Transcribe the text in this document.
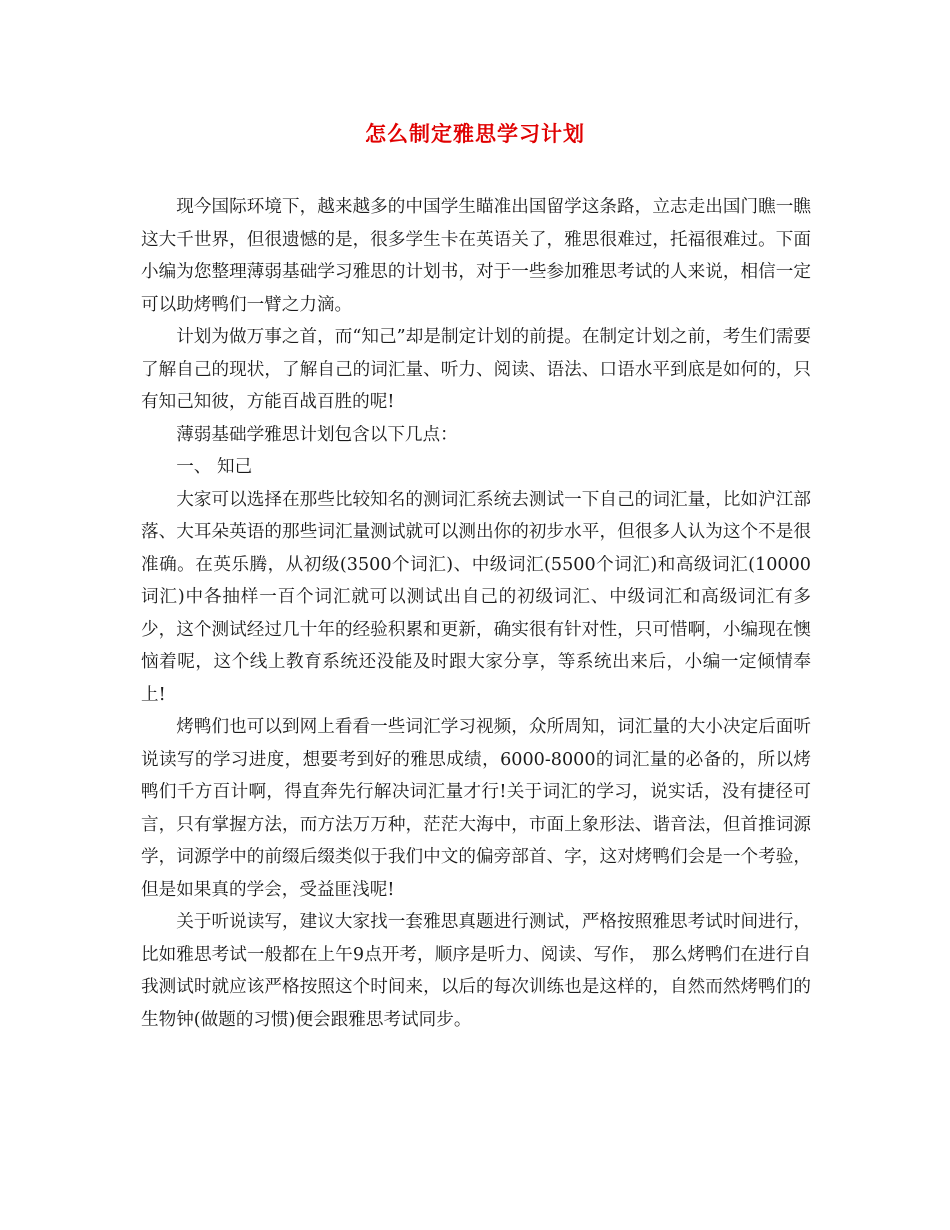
怎么制定雅思学习计划

现今国际环境下，越来越多的中国学生瞄准出国留学这条路，立志走出国门瞧一瞧这大千世界，但很遗憾的是，很多学生卡在英语关了，雅思很难过，托福很难过。下面小编为您整理薄弱基础学习雅思的计划书，对于一些参加雅思考试的人来说，相信一定可以助烤鸭们一臂之力滴。

计划为做万事之首，而“知己”却是制定计划的前提。在制定计划之前，考生们需要了解自己的现状，了解自己的词汇量、听力、阅读、语法、口语水平到底是如何的，只有知己知彼，方能百战百胜的呢!

薄弱基础学雅思计划包含以下几点：

一、 知己

大家可以选择在那些比较知名的测词汇系统去测试一下自己的词汇量，比如沪江部落、大耳朵英语的那些词汇量测试就可以测出你的初步水平，但很多人认为这个不是很准确。在英乐腾，从初级(3500个词汇)、中级词汇(5500个词汇)和高级词汇(10000词汇)中各抽样一百个词汇就可以测试出自己的初级词汇、中级词汇和高级词汇有多少，这个测试经过几十年的经验积累和更新，确实很有针对性，只可惜啊，小编现在懊恼着呢，这个线上教育系统还没能及时跟大家分享，等系统出来后，小编一定倾情奉上!

烤鸭们也可以到网上看看一些词汇学习视频，众所周知，词汇量的大小决定后面听说读写的学习进度，想要考到好的雅思成绩，6000-8000的词汇量的必备的，所以烤鸭们千方百计啊，得直奔先行解决词汇量才行!关于词汇的学习，说实话，没有捷径可言，只有掌握方法，而方法万万种，茫茫大海中，市面上象形法、谐音法，但首推词源学，词源学中的前缀后缀类似于我们中文的偏旁部首、字，这对烤鸭们会是一个考验，但是如果真的学会，受益匪浅呢!

关于听说读写，建议大家找一套雅思真题进行测试，严格按照雅思考试时间进行，比如雅思考试一般都在上午9点开考，顺序是听力、阅读、写作， 那么烤鸭们在进行自我测试时就应该严格按照这个时间来，以后的每次训练也是这样的，自然而然烤鸭们的生物钟(做题的习惯)便会跟雅思考试同步。
